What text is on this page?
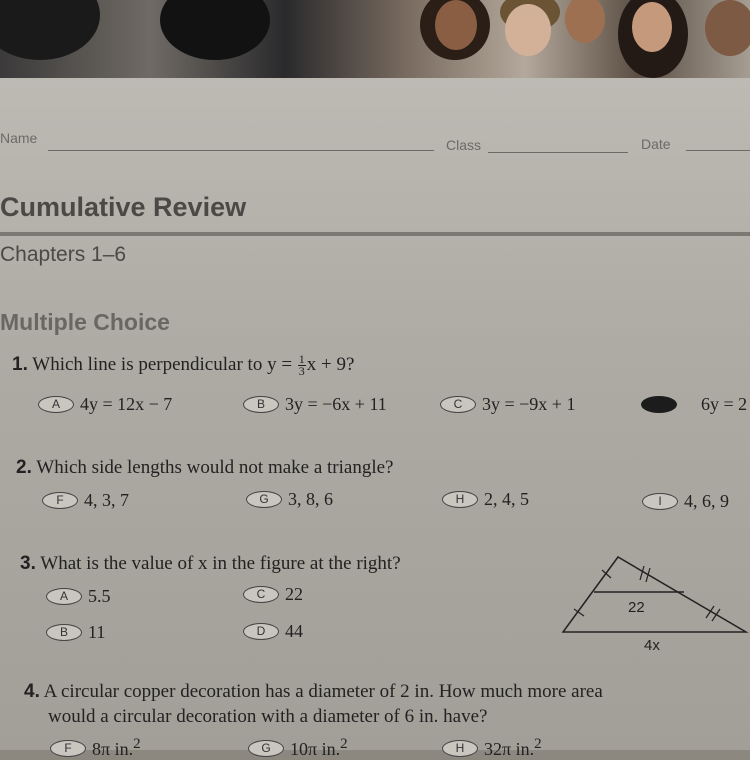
Name	Class	Date
Cumulative Review
Chapters 1–6
Multiple Choice
1. Which line is perpendicular to $y = \frac{1}{3}$ x + 9?
A	4y = 12x − 7	B	3y = −6x + 11	C	3y = −9x + 1	6y = 2
2. Which side lengths would not make a triangle?
F	4, 3, 7	G	3, 8, 6	H	2, 4, 5	I	4, 6, 9
3. What is the value of x in the figure at the right?
A	5.5	C	22
B	11	D	44
22
4x
4. A circular copper decoration has a diameter of 2 in. How much more area
would a circular decoration with a diameter of 6 in. have?
F	8π in.$^2$	G	10π in.$^2$	H	32π in.$^2$
